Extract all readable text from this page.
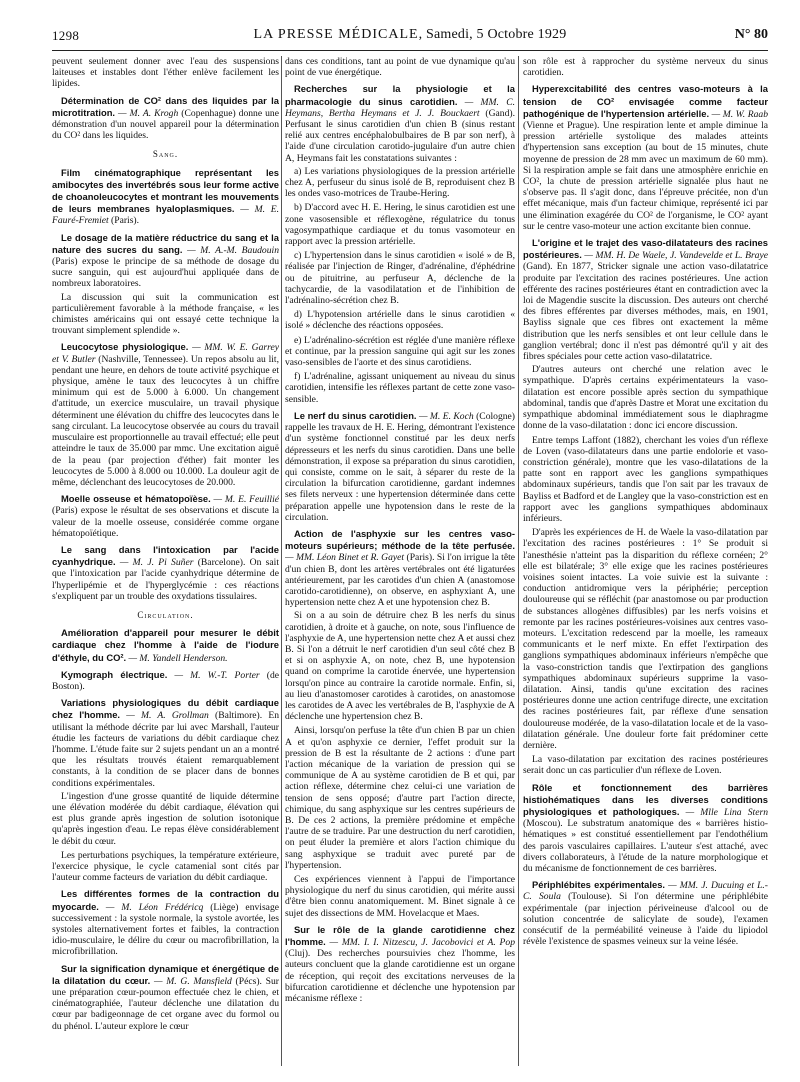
1298	LA PRESSE MÉDICALE, Samedi, 5 Octobre 1929	N° 80

peuvent seulement donner avec l'eau des suspensions laiteuses et instables dont l'éther enlève facilement les lipides.

Détermination de CO² dans des liquides par la microtitration. — M. A. Krogh (Copenhague) donne une démonstration d'un nouvel appareil pour la détermination du CO² dans les liquides.

Sang.

Film cinématographique représentant les amibocytes des invertébrés sous leur forme active de choanoleucocytes et montrant les mouvements de leurs membranes hyaloplasmiques. — M. E. Fauré-Fremiet (Paris).

Le dosage de la matière réductrice du sang et la nature des sucres du sang. — M. A.-M. Baudouin (Paris) expose le principe de sa méthode de dosage du sucre sanguin, qui est aujourd'hui appliquée dans de nombreux laboratoires.

La discussion qui suit la communication est particulièrement favorable à la méthode française, « les chimistes américains qui ont essayé cette technique la trouvant simplement splendide ».

Leucocytose physiologique. — MM. W. E. Garrey et V. Butler (Nashville, Tennessee). Un repos absolu au lit, pendant une heure, en dehors de toute activité psychique et physique, amène le taux des leucocytes à un chiffre minimum qui est de 5.000 à 6.000. Un changement d'attitude, un exercice musculaire, un travail physique déterminent une élévation du chiffre des leucocytes dans le sang circulant. La leucocytose observée au cours du travail musculaire est proportionnelle au travail effectué; elle peut atteindre le taux de 35.000 par mmc. Une excitation aiguë de la peau (par projection d'éther) fait monter les leucocytes de 5.000 à 8.000 ou 10.000. La douleur agit de même, déclenchant des leucocytoses de 20.000.

Moelle osseuse et hématopoïèse. — M. E. Feuillié (Paris) expose le résultat de ses observations et discute la valeur de la moelle osseuse, considérée comme organe hématopoïétique.

Le sang dans l'intoxication par l'acide cyanhydrique. — M. J. Pi Suñer (Barcelone). On sait que l'intoxication par l'acide cyanhydrique détermine de l'hyperlipémie et de l'hyperglycémie : ces réactions s'expliquent par un trouble des oxydations tissulaires.

Circulation.

Amélioration d'appareil pour mesurer le débit cardiaque chez l'homme à l'aide de l'iodure d'éthyle, du CO². — M. Yandell Henderson.

Kymograph électrique. — M. W.-T. Porter (de Boston).

Variations physiologiques du débit cardiaque chez l'homme. — M. A. Grollman (Baltimore). En utilisant la méthode décrite par lui avec Marshall, l'auteur étudie les facteurs de variations du débit cardiaque chez l'homme. L'étude faite sur 2 sujets pendant un an a montré que les résultats trouvés étaient remarquablement constants, à la condition de se placer dans de bonnes conditions expérimentales.

L'ingestion d'une grosse quantité de liquide détermine une élévation modérée du débit cardiaque, élévation qui est plus grande après ingestion de solution isotonique qu'après ingestion d'eau. Le repas élève considérablement le débit du cœur.

Les perturbations psychiques, la température extérieure, l'exercice physique, le cycle catamenial sont cités par l'auteur comme facteurs de variation du débit cardiaque.

Les différentes formes de la contraction du myocarde. — M. Léon Frédéricq (Liège) envisage successivement : la systole normale, la systole avortée, les systoles alternativement fortes et faibles, la contraction idio-musculaire, le délire du cœur ou macrofibrillation, la microfibrillation.

Sur la signification dynamique et énergétique de la dilatation du cœur. — M. G. Mansfield (Pécs). Sur une préparation cœur-poumon effectuée chez le chien, et cinématographiée, l'auteur déclenche une dilatation du cœur par badigeonnage de cet organe avec du formol ou du phénol. L'auteur explore le cœur

dans ces conditions, tant au point de vue dynamique qu'au point de vue énergétique.

Recherches sur la physiologie et la pharmacologie du sinus carotidien. — MM. C. Heymans, Bertha Heymans et J. J. Bouckaert (Gand). Perfusant le sinus carotidien d'un chien B (sinus restant relié aux centres encéphalobulbaires de B par son nerf), à l'aide d'une circulation carotido-jugulaire d'un autre chien A, Heymans fait les constatations suivantes :

a) Les variations physiologiques de la pression artérielle chez A, perfuseur du sinus isolé de B, reproduisent chez B les ondes vaso-motrices de Traube-Hering.

b) D'accord avec H. E. Hering, le sinus carotidien est une zone vasosensible et réflexogène, régulatrice du tonus vagosympathique cardiaque et du tonus vasomoteur en rapport avec la pression artérielle.

c) L'hypertension dans le sinus carotidien « isolé » de B, réalisée par l'injection de Ringer, d'adrénaline, d'éphédrine ou de pituitrine, au perfuseur A, déclenche de la tachycardie, de la vasodilatation et de l'inhibition de l'adrénalino-sécrétion chez B.

d) L'hypotension artérielle dans le sinus carotidien « isolé » déclenche des réactions opposées.

e) L'adrénalino-sécrétion est réglée d'une manière réflexe et continue, par la pression sanguine qui agit sur les zones vaso-sensibles de l'aorte et des sinus carotidiens.

f) L'adrénaline, agissant uniquement au niveau du sinus carotidien, intensifie les réflexes partant de cette zone vaso-sensible.

Le nerf du sinus carotidien. — M. E. Koch (Cologne) rappelle les travaux de H. E. Hering, démontrant l'existence d'un système fonctionnel constitué par les deux nerfs dépresseurs et les nerfs du sinus carotidien. Dans une belle démonstration, il expose sa préparation du sinus carotidien, qui consiste, comme on le sait, à séparer du reste de la circulation la bifurcation carotidienne, gardant indemnes ses filets nerveux : une hypertension déterminée dans cette préparation appelle une hypotension dans le reste de la circulation.

Action de l'asphyxie sur les centres vaso-moteurs supérieurs; méthode de la tête perfusée. — MM. Léon Binet et R. Gayet (Paris). Si l'on irrigue la tête d'un chien B, dont les artères vertébrales ont été ligaturées antérieurement, par les carotides d'un chien A (anastomose carotido-carotidienne), on observe, en asphyxiant A, une hypertension nette chez A et une hypotension chez B.

Si on a au soin de détruire chez B les nerfs du sinus carotidien, à droite et à gauche, on note, sous l'influence de l'asphyxie de A, une hypertension nette chez A et aussi chez B. Si l'on a détruit le nerf carotidien d'un seul côté chez B et si on asphyxie A, on note, chez B, une hypotension quand on comprime la carotide énervée, une hypertension lorsqu'on pince au contraire la carotide normale. Enfin, si, au lieu d'anastomoser carotides à carotides, on anastomose les carotides de A avec les vertébrales de B, l'asphyxie de A déclenche une hypertension chez B.

Ainsi, lorsqu'on perfuse la tête d'un chien B par un chien A et qu'on asphyxie ce dernier, l'effet produit sur la pression de B est la résultante de 2 actions : d'une part l'action mécanique de la variation de pression qui se communique de A au système carotidien de B et qui, par action réflexe, détermine chez celui-ci une variation de tension de sens opposé; d'autre part l'action directe, chimique, du sang asphyxique sur les centres supérieurs de B. De ces 2 actions, la première prédomine et empêche l'autre de se traduire. Par une destruction du nerf carotidien, on peut éluder la première et alors l'action chimique du sang asphyxique se traduit avec pureté par de l'hypertension.

Ces expériences viennent à l'appui de l'importance physiologique du nerf du sinus carotidien, qui mérite aussi d'être bien connu anatomiquement. M. Binet signale à ce sujet des dissections de MM. Hovelacque et Maes.

Sur le rôle de la glande carotidienne chez l'homme. — MM. I. I. Nitzescu, J. Jacobovici et A. Pop (Cluj). Des recherches poursuivies chez l'homme, les auteurs concluent que la glande carotidienne est un organe de réception, qui reçoit des excitations nerveuses de la bifurcation carotidienne et déclenche une hypotension par mécanisme réflexe :

son rôle est à rapprocher du système nerveux du sinus carotidien.

Hyperexcitabilité des centres vaso-moteurs à la tension de CO² envisagée comme facteur pathogénique de l'hypertension artérielle. — M. W. Raab (Vienne et Prague). Une respiration lente et ample diminue la pression artérielle systolique des malades atteints d'hypertension sans exception (au bout de 15 minutes, chute moyenne de pression de 28 mm avec un maximum de 60 mm). Si la respiration ample se fait dans une atmosphère enrichie en CO², la chute de pression artérielle signalée plus haut ne s'observe pas. Il s'agit donc, dans l'épreuve précitée, non d'un effet mécanique, mais d'un facteur chimique, représenté ici par une élimination exagérée du CO² de l'organisme, le CO² ayant sur le centre vaso-moteur une action excitante bien connue.

L'origine et le trajet des vaso-dilatateurs des racines postérieures. — MM. H. De Waele, J. Vandevelde et L. Braye (Gand). En 1877, Stricker signale une action vaso-dilatatrice produite par l'excitation des racines postérieures. Une action efférente des racines postérieures étant en contradiction avec la loi de Magendie suscite la discussion. Des auteurs ont cherché des fibres efférentes par diverses méthodes, mais, en 1901, Bayliss signale que ces fibres ont exactement la même distribution que les nerfs sensibles et ont leur cellule dans le ganglion vertébral; donc il n'est pas démontré qu'il y ait des fibres spéciales pour cette action vaso-dilatatrice.

D'autres auteurs ont cherché une relation avec le sympathique. D'après certains expérimentateurs la vaso-dilatation est encore possible après section du sympathique abdominal, tandis que d'après Dastre et Morat une excitation du sympathique abdominal immédiatement sous le diaphragme donne de la vaso-dilatation : donc ici encore discussion.

Entre temps Laffont (1882), cherchant les voies d'un réflexe de Loven (vaso-dilatateurs dans une partie endolorie et vaso-constriction générale), montre que les vaso-dilatations de la patte sont en rapport avec les ganglions sympathiques abdominaux supérieurs, tandis que l'on sait par les travaux de Bayliss et Badford et de Langley que la vaso-constriction est en rapport avec les ganglions sympathiques abdominaux inférieurs.

D'après les expériences de H. de Waele la vaso-dilatation par l'excitation des racines postérieures : 1° Se produit si l'anesthésie n'atteint pas la disparition du réflexe cornéen; 2° elle est bilatérale; 3° elle exige que les racines postérieures voisines soient intactes. La voie suivie est la suivante : conduction antidromique vers la périphérie; perception douloureuse qui se réfléchit (par anastomose ou par production de substances allogènes diffusibles) par les nerfs voisins et remonte par les racines postérieures-voisines aux centres vaso-moteurs. L'excitation redescend par la moelle, les rameaux communicants et le nerf mixte. En effet l'extirpation des ganglions sympathiques abdominaux inférieurs n'empêche que la vaso-constriction tandis que l'extirpation des ganglions sympathiques abdominaux supérieurs supprime la vaso-dilatation. Ainsi, tandis qu'une excitation des racines postérieures donne une action centrifuge directe, une excitation des racines postérieures fait, par réflexe d'une sensation douloureuse modérée, de la vaso-dilatation locale et de la vaso-dilatation générale. Une douleur forte fait prédominer cette dernière.

La vaso-dilatation par excitation des racines postérieures serait donc un cas particulier d'un réflexe de Loven.

Rôle et fonctionnement des barrières histiohématiques dans les diverses conditions physiologiques et pathologiques. — Mlle Lina Stern (Moscou). Le substratum anatomique des « barrières histio-hématiques » est constitué essentiellement par l'endothélium des parois vasculaires capillaires. L'auteur s'est attaché, avec divers collaborateurs, à l'étude de la nature morphologique et du mécanisme de fonctionnement de ces barrières.

Périphlébites expérimentales. — MM. J. Ducuing et L.-C. Soula (Toulouse). Si l'on détermine une périphlébite expérimentale (par injection périveineuse d'alcool ou de solution concentrée de salicylate de soude), l'examen consécutif de la perméabilité veineuse à l'aide du lipiodol révèle l'existence de spasmes veineux sur la veine lésée.
